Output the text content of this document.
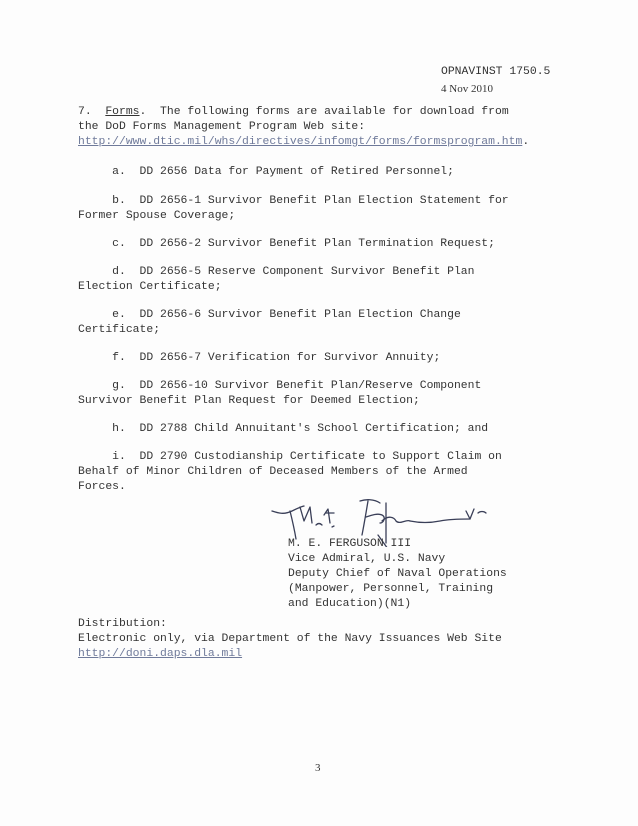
OPNAVINST 1750.5
4 Nov 2010
7. Forms.  The following forms are available for download from
the DoD Forms Management Program Web site:
http://www.dtic.mil/whs/directives/infomgt/forms/formsprogram.htm.
a.  DD 2656 Data for Payment of Retired Personnel;
b.  DD 2656-1 Survivor Benefit Plan Election Statement for
Former Spouse Coverage;
c.  DD 2656-2 Survivor Benefit Plan Termination Request;
d.  DD 2656-5 Reserve Component Survivor Benefit Plan
Election Certificate;
e.  DD 2656-6 Survivor Benefit Plan Election Change
Certificate;
f.  DD 2656-7 Verification for Survivor Annuity;
g.  DD 2656-10 Survivor Benefit Plan/Reserve Component
Survivor Benefit Plan Request for Deemed Election;
h.  DD 2788 Child Annuitant's School Certification; and
i.  DD 2790 Custodianship Certificate to Support Claim on
Behalf of Minor Children of Deceased Members of the Armed
Forces.
M. E. FERGUSON III
Vice Admiral, U.S. Navy
Deputy Chief of Naval Operations
(Manpower, Personnel, Training
and Education)(N1)
Distribution:
Electronic only, via Department of the Navy Issuances Web Site
http://doni.daps.dla.mil
3
